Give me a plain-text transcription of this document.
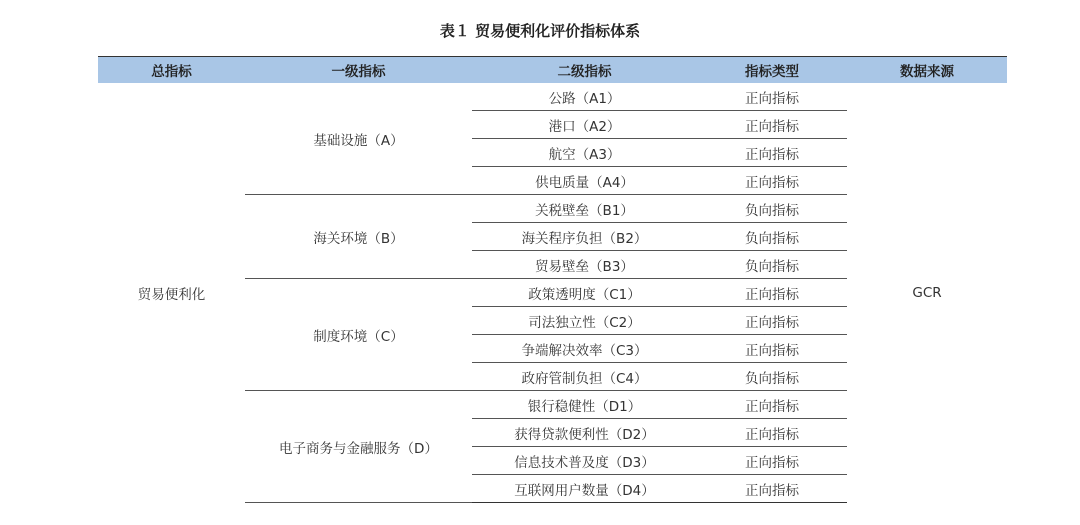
表１ 贸易便利化评价指标体系
总指标	一级指标	二级指标	指标类型	数据来源
贸易便利化	基础设施（A）	公路（A1）	正向指标	GCR
		港口（A2）	正向指标	
		航空（A3）	正向指标	
		供电质量（A4）	正向指标	
	海关环境（B）	关税壁垒（B1）	负向指标	
		海关程序负担（B2）	负向指标	
		贸易壁垒（B3）	负向指标	
	制度环境（C）	政策透明度（C1）	正向指标	
		司法独立性（C2）	正向指标	
		争端解决效率（C3）	正向指标	
		政府管制负担（C4）	负向指标	
	电子商务与金融服务（D）	银行稳健性（D1）	正向指标	
		获得贷款便利性（D2）	正向指标	
		信息技术普及度（D3）	正向指标	
		互联网用户数量（D4）	正向指标	
